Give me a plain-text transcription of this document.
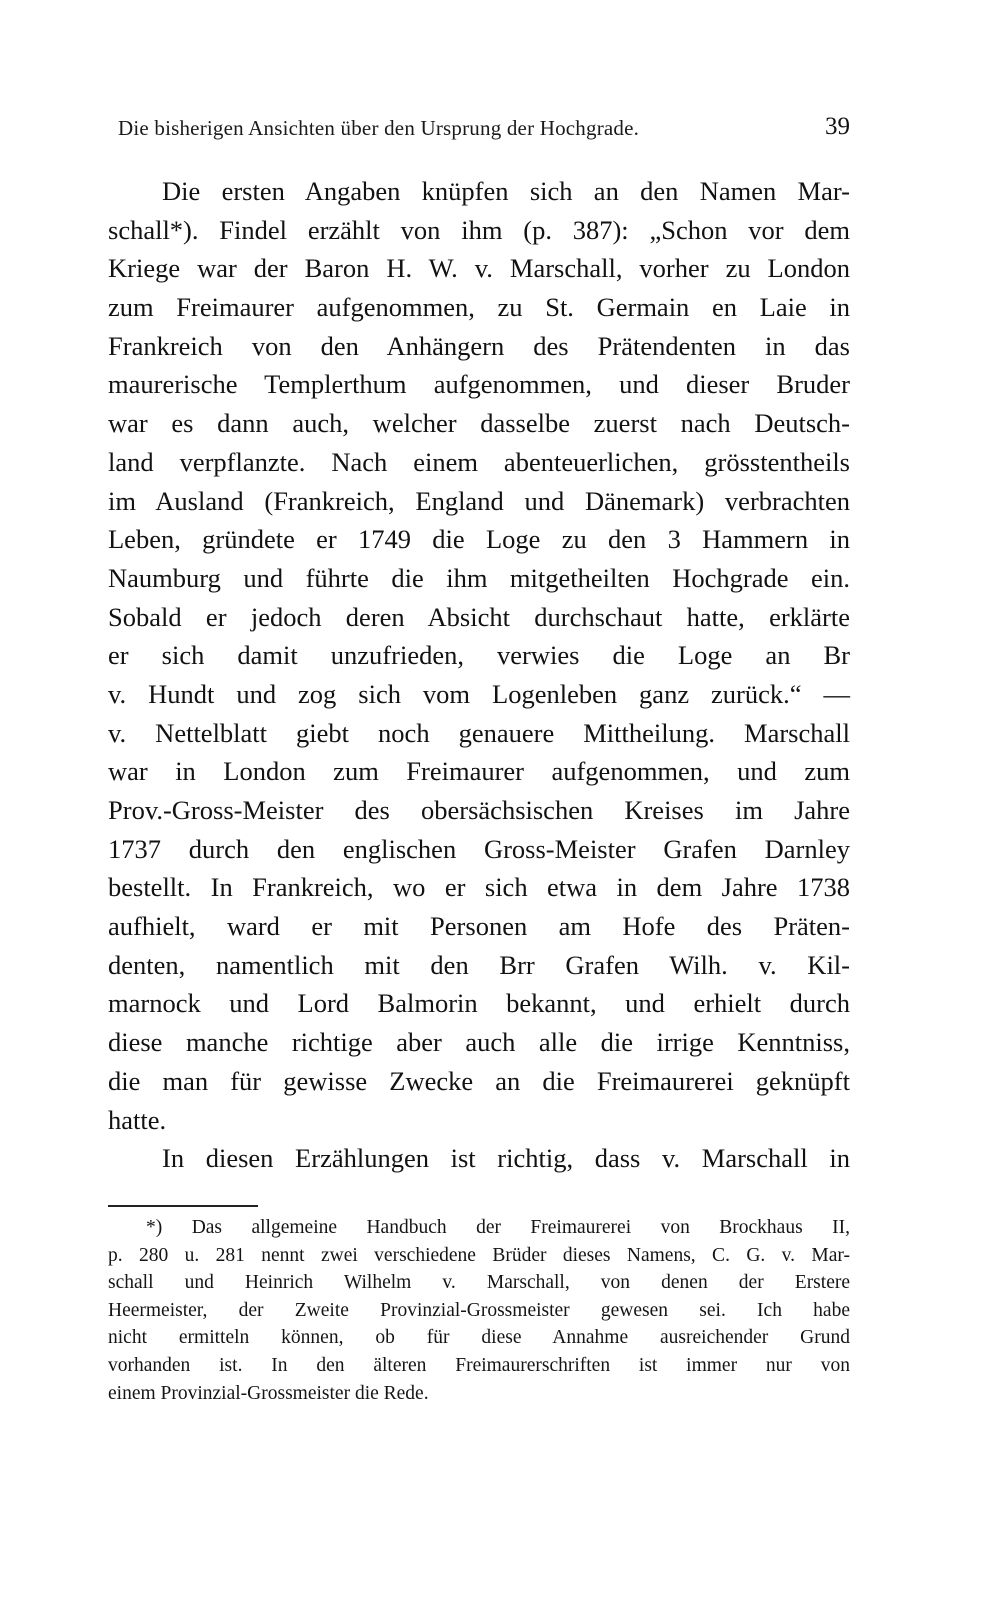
Die bisherigen Ansichten über den Ursprung der Hochgrade.	39
Die ersten Angaben knüpfen sich an den Namen Mar-
schall*). Findel erzählt von ihm (p. 387): „Schon vor dem
Kriege war der Baron H. W. v. Marschall, vorher zu London
zum Freimaurer aufgenommen, zu St. Germain en Laie in
Frankreich von den Anhängern des Prätendenten in das
maurerische Templerthum aufgenommen, und dieser Bruder
war es dann auch, welcher dasselbe zuerst nach Deutsch-
land verpflanzte. Nach einem abenteuerlichen, grösstentheils
im Ausland (Frankreich, England und Dänemark) verbrachten
Leben, gründete er 1749 die Loge zu den 3 Hammern in
Naumburg und führte die ihm mitgetheilten Hochgrade ein.
Sobald er jedoch deren Absicht durchschaut hatte, erklärte
er sich damit unzufrieden, verwies die Loge an Br
v. Hundt und zog sich vom Logenleben ganz zurück.“ —
v. Nettelblatt giebt noch genauere Mittheilung. Marschall
war in London zum Freimaurer aufgenommen, und zum
Prov.-Gross-Meister des obersächsischen Kreises im Jahre
1737 durch den englischen Gross-Meister Grafen Darnley
bestellt. In Frankreich, wo er sich etwa in dem Jahre 1738
aufhielt, ward er mit Personen am Hofe des Präten-
denten, namentlich mit den Brr Grafen Wilh. v. Kil-
marnock und Lord Balmorin bekannt, und erhielt durch
diese manche richtige aber auch alle die irrige Kenntniss,
die man für gewisse Zwecke an die Freimaurerei geknüpft
hatte.
In diesen Erzählungen ist richtig, dass v. Marschall in
*) Das allgemeine Handbuch der Freimaurerei von Brockhaus II,
p. 280 u. 281 nennt zwei verschiedene Brüder dieses Namens, C. G. v. Mar-
schall und Heinrich Wilhelm v. Marschall, von denen der Erstere
Heermeister, der Zweite Provinzial-Grossmeister gewesen sei. Ich habe
nicht ermitteln können, ob für diese Annahme ausreichender Grund
vorhanden ist. In den älteren Freimaurerschriften ist immer nur von
einem Provinzial-Grossmeister die Rede.
